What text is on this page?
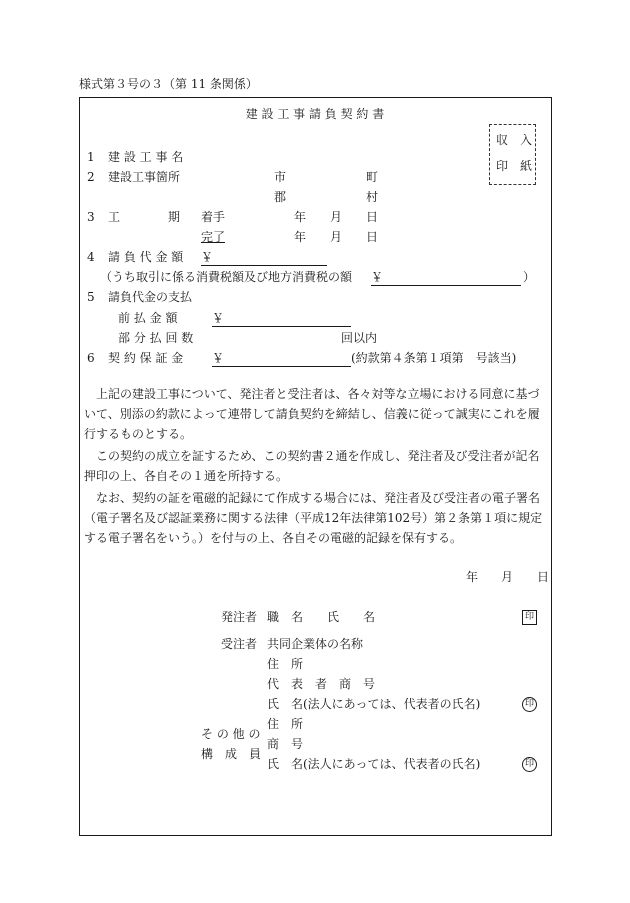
様式第３号の３（第 11 条関係）
建 設 工 事 請 負 契 約 書
収　入
印　紙
1 建 設 工 事 名
2 建設工事箇所	市	町
郡	村
3 工	期 着手	年 月 日
完了	年 月 日
4 請 負 代 金 額 ￥
（うち取引に係る消費税額及び地方消費税の額 ￥	）
5 請負代金の支払
前 払 金 額	￥
部 分 払 回 数	回以内
6 契 約 保 証 金 ￥	(約款第４条第１項第　号該当)
　上記の建設工事について、発注者と受注者は、各々対等な立場における同意に基づいて、別添の約款によって連帯して請負契約を締結し、信義に従って誠実にこれを履行するものとする。
　この契約の成立を証するため、この契約書２通を作成し、発注者及び受注者が記名押印の上、各自その１通を所持する。
　なお、契約の証を電磁的記録にて作成する場合には、発注者及び受注者の電子署名（電子署名及び認証業務に関する法律（平成12年法律第102号）第２条第１項に規定する電子署名をいう。）を付与の上、各自その電磁的記録を保有する。
年 月 日
発注者 職　名　　氏　　名	印
受注者 共同企業体の名称
住　所
代　表　者　商　号
氏　名(法人にあっては、代表者の氏名)	印
そ の 他 の
構　成　員
住　所
商　号
氏　名(法人にあっては、代表者の氏名)	印
